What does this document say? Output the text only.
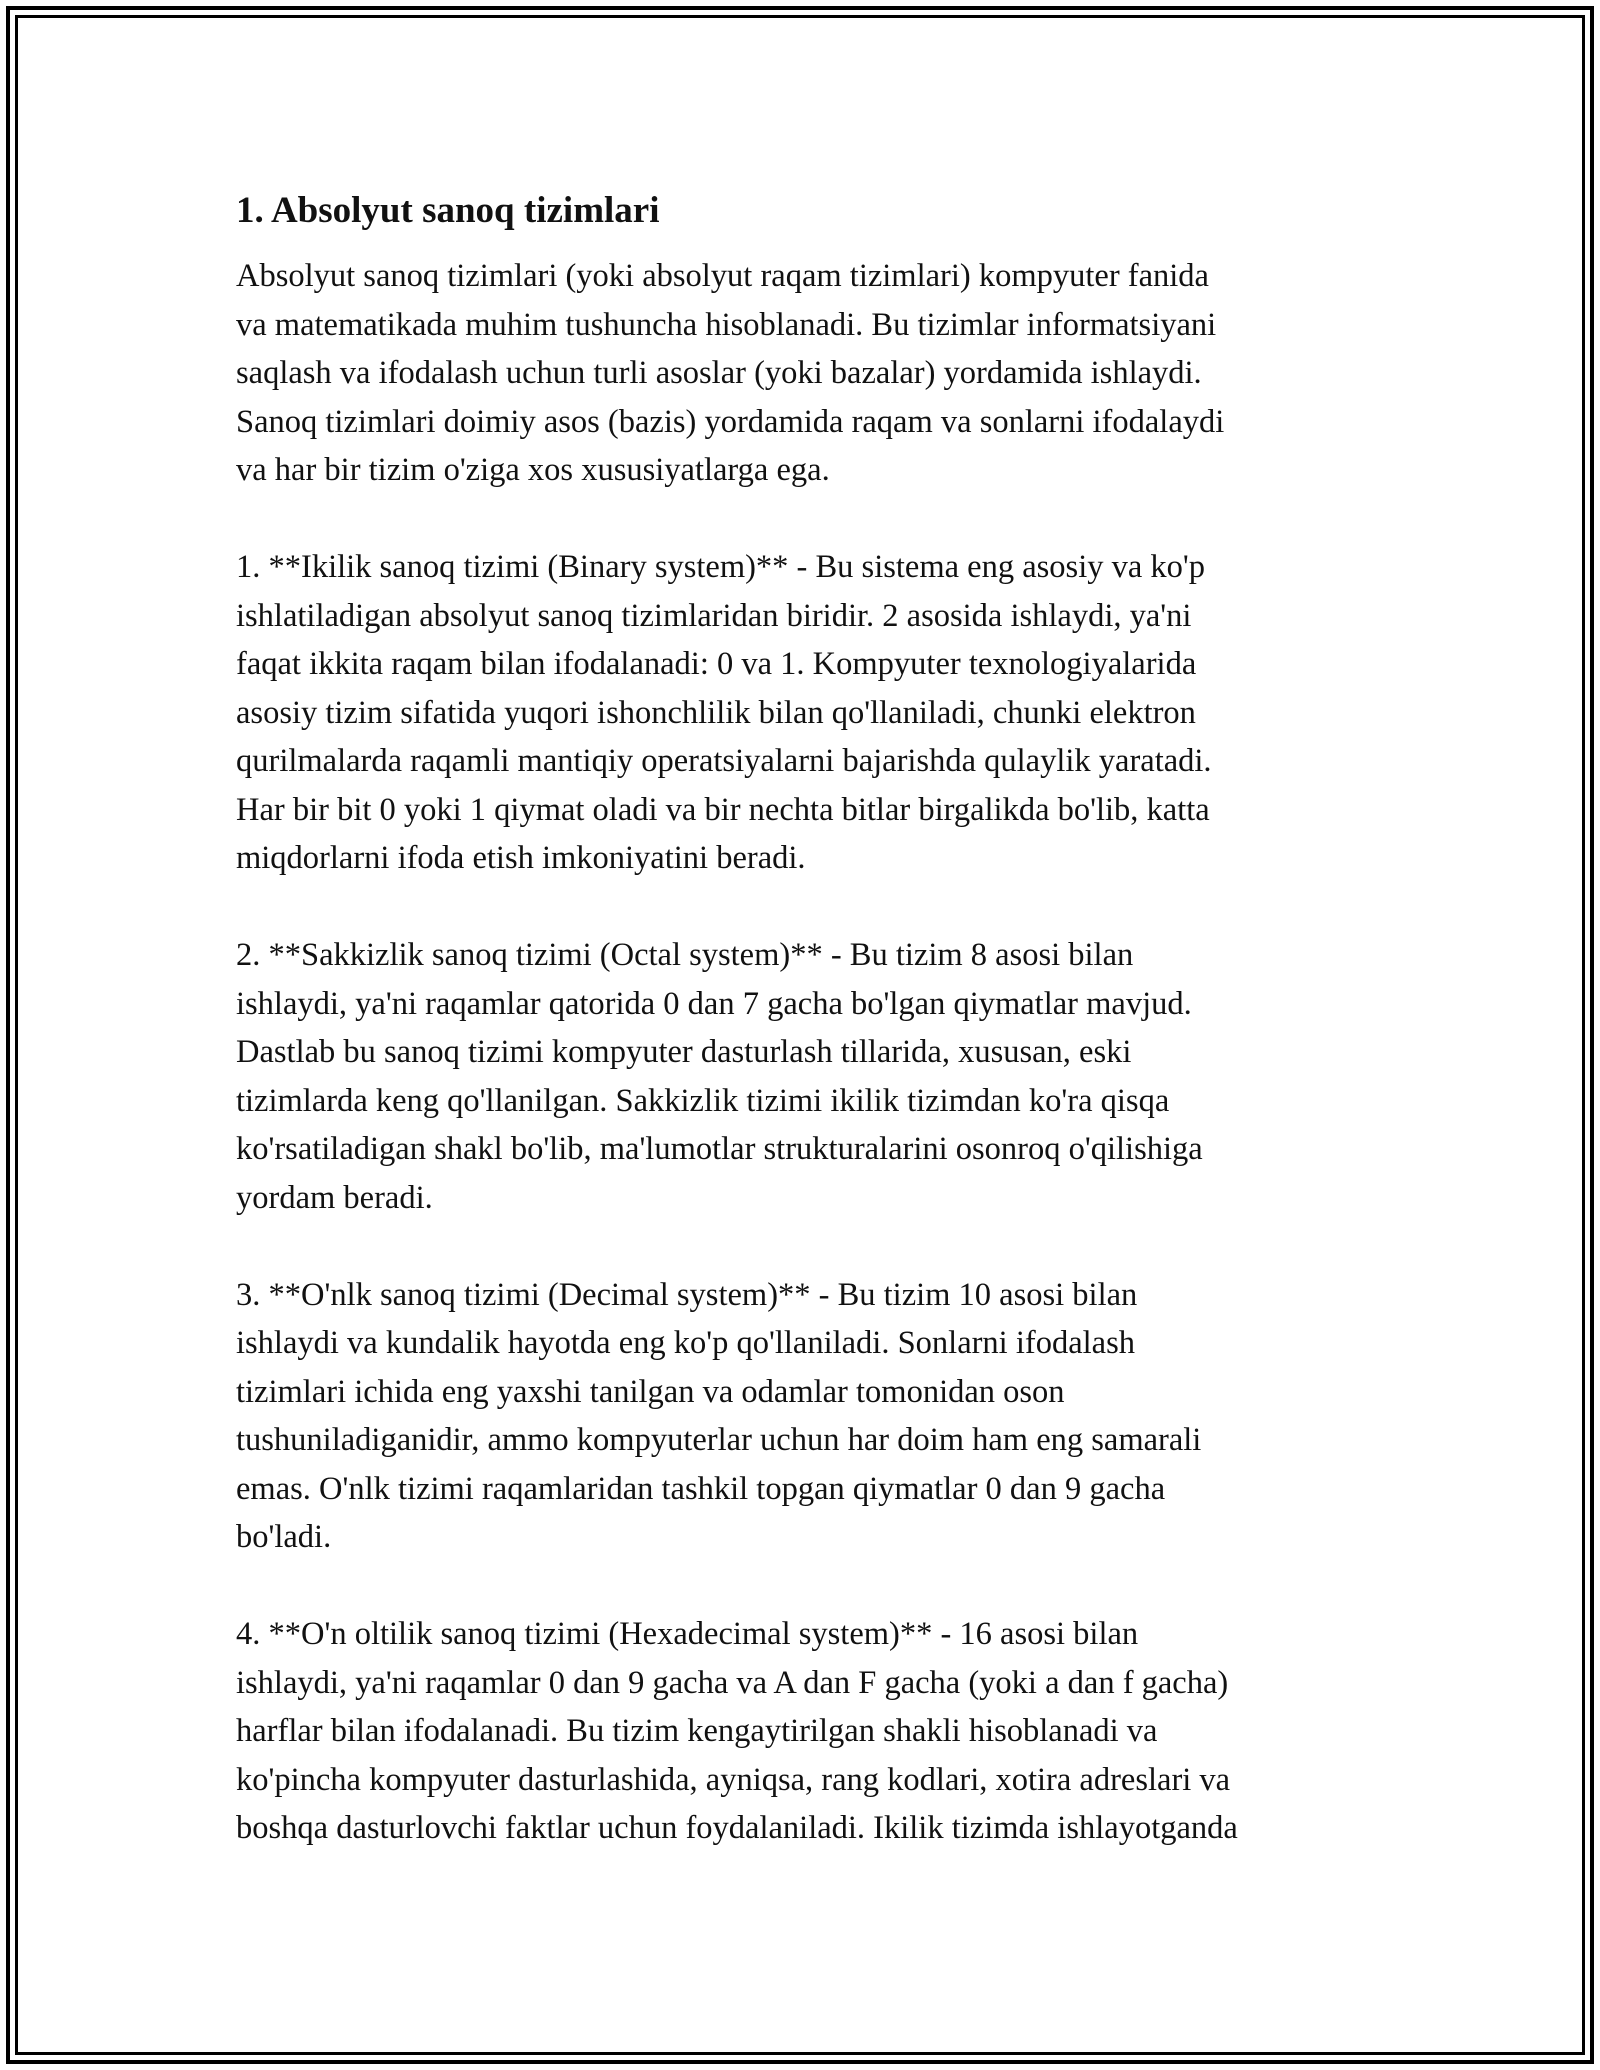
1. Absolyut sanoq tizimlari

Absolyut sanoq tizimlari (yoki absolyut raqam tizimlari) kompyuter fanida
va matematikada muhim tushuncha hisoblanadi. Bu tizimlar informatsiyani
saqlash va ifodalash uchun turli asoslar (yoki bazalar) yordamida ishlaydi.
Sanoq tizimlari doimiy asos (bazis) yordamida raqam va sonlarni ifodalaydi
va har bir tizim o'ziga xos xususiyatlarga ega.

1. **Ikilik sanoq tizimi (Binary system)** - Bu sistema eng asosiy va ko'p
ishlatiladigan absolyut sanoq tizimlaridan biridir. 2 asosida ishlaydi, ya'ni
faqat ikkita raqam bilan ifodalanadi: 0 va 1. Kompyuter texnologiyalarida
asosiy tizim sifatida yuqori ishonchlilik bilan qo'llaniladi, chunki elektron
qurilmalarda raqamli mantiqiy operatsiyalarni bajarishda qulaylik yaratadi.
Har bir bit 0 yoki 1 qiymat oladi va bir nechta bitlar birgalikda bo'lib, katta
miqdorlarni ifoda etish imkoniyatini beradi.

2. **Sakkizlik sanoq tizimi (Octal system)** - Bu tizim 8 asosi bilan
ishlaydi, ya'ni raqamlar qatorida 0 dan 7 gacha bo'lgan qiymatlar mavjud.
Dastlab bu sanoq tizimi kompyuter dasturlash tillarida, xususan, eski
tizimlarda keng qo'llanilgan. Sakkizlik tizimi ikilik tizimdan ko'ra qisqa
ko'rsatiladigan shakl bo'lib, ma'lumotlar strukturalarini osonroq o'qilishiga
yordam beradi.

3. **O'nlk sanoq tizimi (Decimal system)** - Bu tizim 10 asosi bilan
ishlaydi va kundalik hayotda eng ko'p qo'llaniladi. Sonlarni ifodalash
tizimlari ichida eng yaxshi tanilgan va odamlar tomonidan oson
tushuniladiganidir, ammo kompyuterlar uchun har doim ham eng samarali
emas. O'nlk tizimi raqamlaridan tashkil topgan qiymatlar 0 dan 9 gacha
bo'ladi.

4. **O'n oltilik sanoq tizimi (Hexadecimal system)** - 16 asosi bilan
ishlaydi, ya'ni raqamlar 0 dan 9 gacha va A dan F gacha (yoki a dan f gacha)
harflar bilan ifodalanadi. Bu tizim kengaytirilgan shakli hisoblanadi va
ko'pincha kompyuter dasturlashida, ayniqsa, rang kodlari, xotira adreslari va
boshqa dasturlovchi faktlar uchun foydalaniladi. Ikilik tizimda ishlayotganda
